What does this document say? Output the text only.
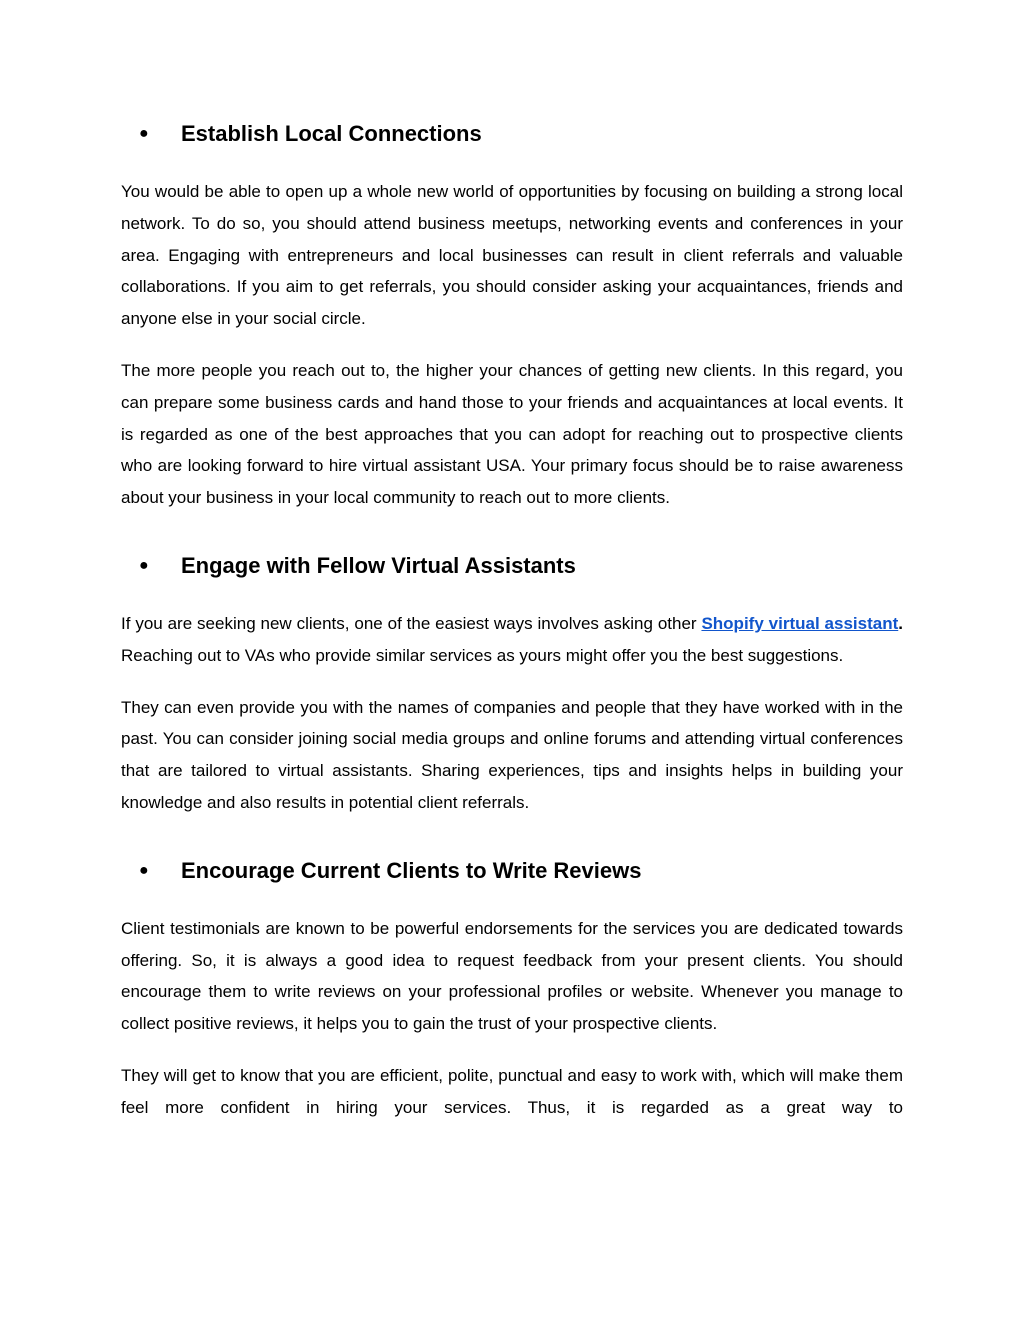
● Establish Local Connections

You would be able to open up a whole new world of opportunities by focusing on building a strong local network. To do so, you should attend business meetups, networking events and conferences in your area. Engaging with entrepreneurs and local businesses can result in client referrals and valuable collaborations. If you aim to get referrals, you should consider asking your acquaintances, friends and anyone else in your social circle.

The more people you reach out to, the higher your chances of getting new clients. In this regard, you can prepare some business cards and hand those to your friends and acquaintances at local events. It is regarded as one of the best approaches that you can adopt for reaching out to prospective clients who are looking forward to hire virtual assistant USA. Your primary focus should be to raise awareness about your business in your local community to reach out to more clients.

● Engage with Fellow Virtual Assistants

If you are seeking new clients, one of the easiest ways involves asking other Shopify virtual assistant. Reaching out to VAs who provide similar services as yours might offer you the best suggestions.

They can even provide you with the names of companies and people that they have worked with in the past. You can consider joining social media groups and online forums and attending virtual conferences that are tailored to virtual assistants. Sharing experiences, tips and insights helps in building your knowledge and also results in potential client referrals.

● Encourage Current Clients to Write Reviews

Client testimonials are known to be powerful endorsements for the services you are dedicated towards offering. So, it is always a good idea to request feedback from your present clients. You should encourage them to write reviews on your professional profiles or website. Whenever you manage to collect positive reviews, it helps you to gain the trust of your prospective clients.

They will get to know that you are efficient, polite, punctual and easy to work with, which will make them feel more confident in hiring your services. Thus, it is regarded as a great way to
